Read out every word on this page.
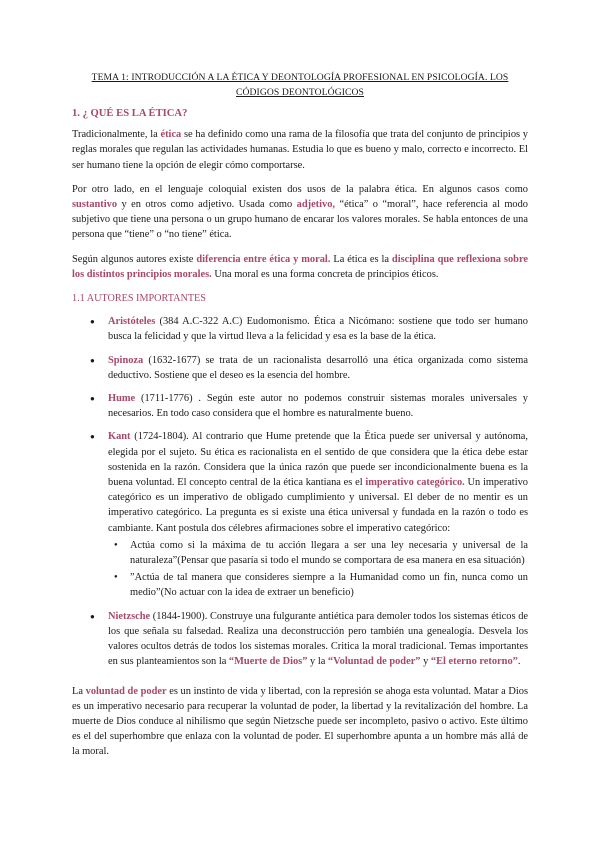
TEMA 1: INTRODUCCIÓN A LA ÉTICA Y DEONTOLOGÍA PROFESIONAL EN PSICOLOGÍA. LOS CÓDIGOS DEONTOLÓGICOS
1. ¿ QUÉ ES LA ÉTICA?

Tradicionalmente, la ética se ha definido como una rama de la filosofía que trata del conjunto de principios y reglas morales que regulan las actividades humanas. Estudia lo que es bueno y malo, correcto e incorrecto. El ser humano tiene la opción de elegir cómo comportarse.

Por otro lado, en el lenguaje coloquial existen dos usos de la palabra ética. En algunos casos como sustantivo y en otros como adjetivo. Usada como adjetivo, “ética” o “moral”, hace referencia al modo subjetivo que tiene una persona o un grupo humano de encarar los valores morales. Se habla entonces de una persona que “tiene” o “no tiene” ética.

Según algunos autores existe diferencia entre ética y moral. La ética es la disciplina que reflexiona sobre los distintos principios morales. Una moral es una forma concreta de principios éticos.

1.1 AUTORES IMPORTANTES
● Aristóteles (384 A.C-322 A.C) Eudomonismo. Ética a Nicómano: sostiene que todo ser humano busca la felicidad y que la virtud lleva a la felicidad y esa es la base de la ética.
● Spinoza (1632-1677) se trata de un racionalista desarrolló una ética organizada como sistema deductivo. Sostiene que el deseo es la esencia del hombre.
● Hume (1711-1776) . Según este autor no podemos construir sistemas morales universales y necesarios. En todo caso considera que el hombre es naturalmente bueno.
● Kant (1724-1804). Al contrario que Hume pretende que la Ética puede ser universal y autónoma, elegida por el sujeto. Su ética es racionalista en el sentido de que considera que la ética debe estar sostenida en la razón. Considera que la única razón que puede ser incondicionalmente buena es la buena voluntad. El concepto central de la ética kantiana es el imperativo categórico. Un imperativo categórico es un imperativo de obligado cumplimiento y universal. El deber de no mentir es un imperativo categórico. La pregunta es si existe una ética universal y fundada en la razón o todo es cambiante. Kant postula dos célebres afirmaciones sobre el imperativo categórico:
● Actúa como si la máxima de tu acción llegara a ser una ley necesaria y universal de la naturaleza”(Pensar que pasaría si todo el mundo se comportara de esa manera en esa situación)
● ”Actúa de tal manera que consideres siempre a la Humanidad como un fin, nunca como un medio”(No actuar con la idea de extraer un beneficio)
● Nietzsche (1844-1900). Construye una fulgurante antiética para demoler todos los sistemas éticos de los que señala su falsedad. Realiza una deconstrucción pero también una genealogía. Desvela los valores ocultos detrás de todos los sistemas morales. Critica la moral tradicional. Temas importantes en sus planteamientos son la “Muerte de Dios” y la “Voluntad de poder” y “El eterno retorno”.

La voluntad de poder es un instinto de vida y libertad, con la represión se ahoga esta voluntad. Matar a Dios es un imperativo necesario para recuperar la voluntad de poder, la libertad y la revitalización del hombre. La muerte de Dios conduce al nihilismo que según Nietzsche puede ser incompleto, pasivo o activo. Este último es el del superhombre que enlaza con la voluntad de poder. El superhombre apunta a un hombre más allá de la moral.
